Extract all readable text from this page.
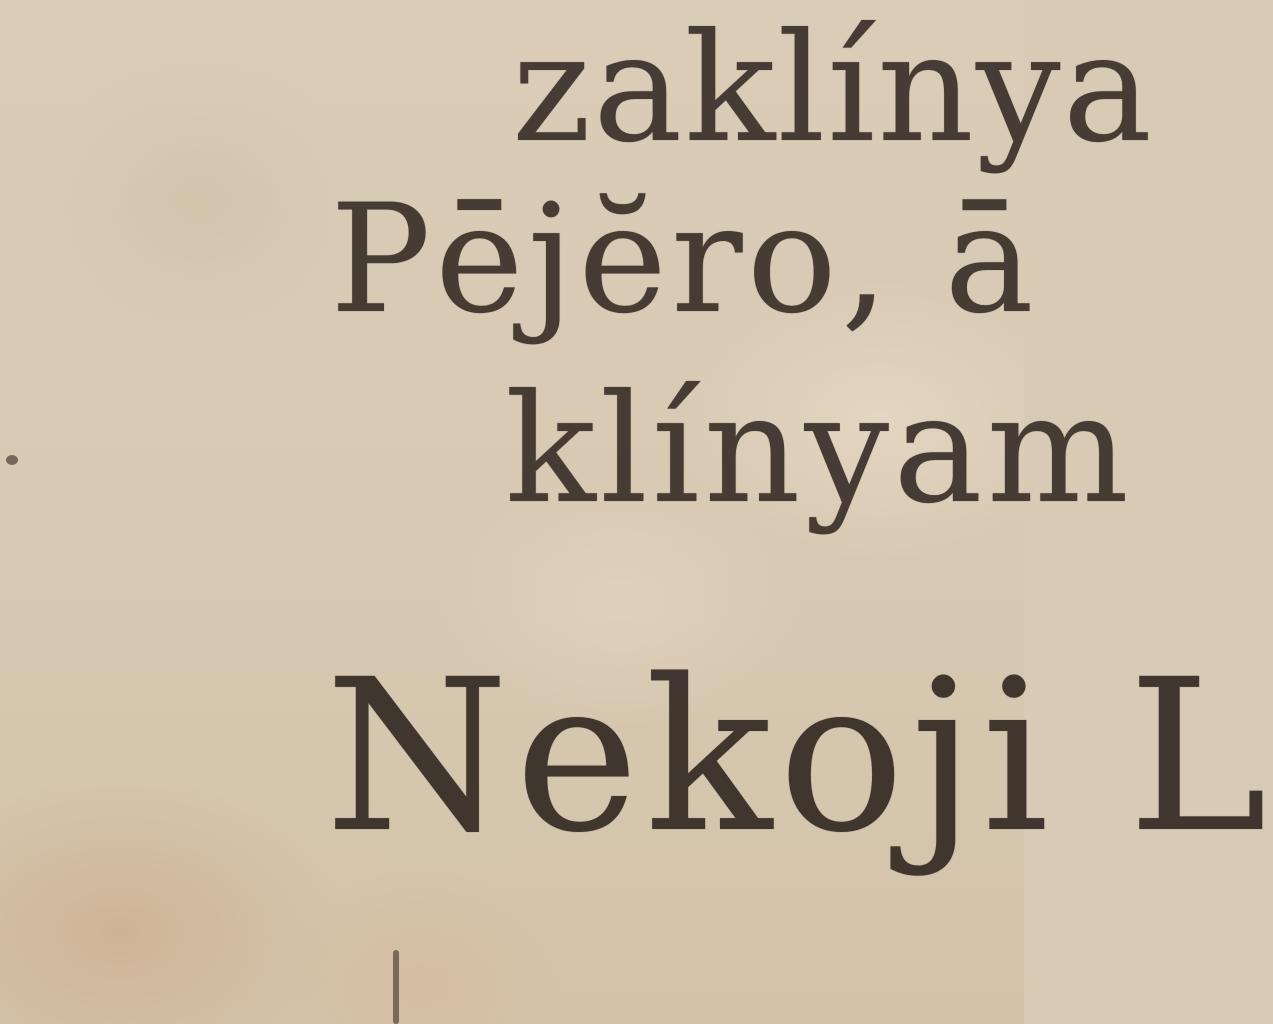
zaklínya

Pējĕro, ā

klínyam

Nekoji L
